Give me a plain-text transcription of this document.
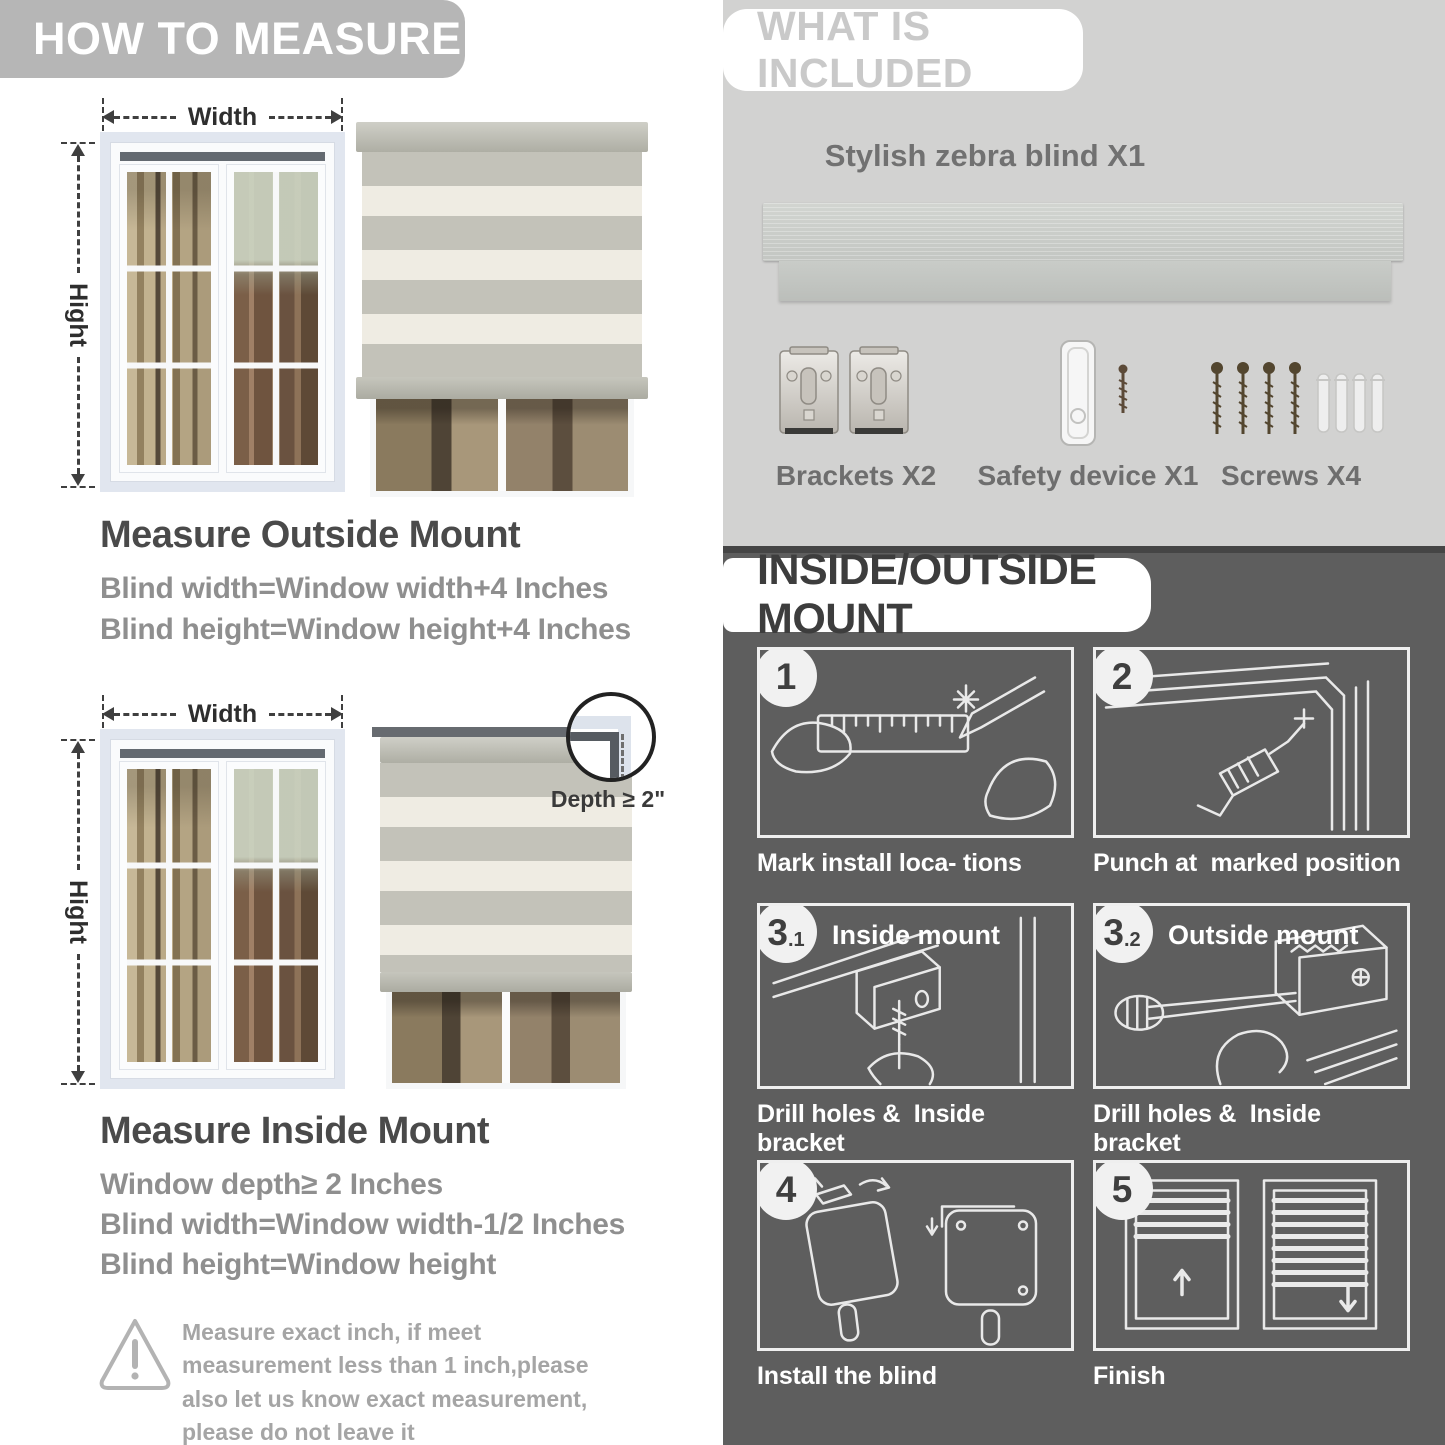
HOW TO MEASURE
Width
Hight
Measure Outside Mount
Blind width=Window width+4 Inches
Blind height=Window height+4 Inches
Width
Hight
Depth ≥ 2"
Measure Inside Mount
Window depth≥ 2 Inches
Blind width=Window width-1/2 Inches
Blind height=Window height
Measure exact inch, if meet measurement less than 1 inch,please also let us know exact measurement, please do not leave it
WHAT IS INCLUDED
Stylish zebra blind X1
Brackets X2	Safety device X1 Screws X4
INSIDE/OUTSIDE MOUNT
1
Mark install loca- tions
2
Punch at  marked position
3 .1 Inside mount
Drill holes &  Inside bracket
3 .2 Outside mount
Drill holes &  Inside bracket
4
Install the blind
5
Finish
